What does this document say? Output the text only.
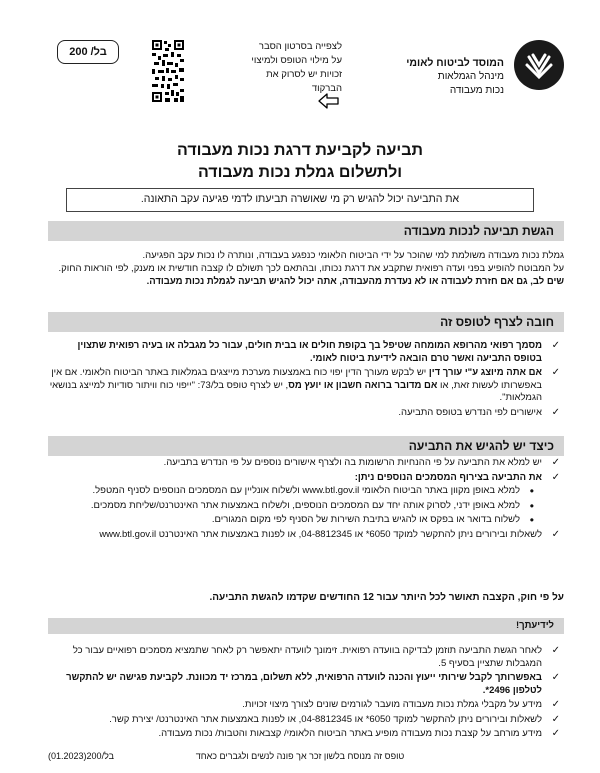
המוסד לביטוח לאומי
מינהל הגמלאות
נכות מעבודה
לצפייה בסרטון הסבר על מילוי הטופס ולמיצוי זכויות יש לסרוק את הברקוד
בל/ 200
תביעה לקביעת דרגת נכות מעבודה
ולתשלום גמלת נכות מעבודה
את התביעה יכול להגיש רק מי שאושרה תביעתו לדמי פגיעה עקב התאונה.
הגשת תביעה לנכות מעבודה
גמלת נכות מעבודה משולמת למי שהוכר על ידי הביטוח הלאומי כנפגע בעבודה, ונותרה לו נכות עקב הפגיעה.
על המבוטח להופיע בפני ועדה רפואית שתקבע את דרגת נכותו, ובהתאם לכך תשולם לו קצבה חודשית או מענק, לפי הוראות החוק.
שים לב, גם אם חזרת לעבודה או לא נעדרת מהעבודה, אתה יכול להגיש תביעה לגמלת נכות מעבודה.
חובה לצרף לטופס זה
✓
מסמך רפואי מהרופא המומחה שטיפל בך בקופת חולים או בבית חולים, עבור כל מגבלה או בעיה רפואית שתצוין בטופס התביעה ואשר טרם הובאה לידיעת ביטוח לאומי.
✓
אם אתה מיוצג ע"י עורך דין יש לבקש מעורך הדין יפוי כוח באמצעות מערכת מייצגים בגמלאות באתר הביטוח הלאומי. אם אין באפשרותו לעשות זאת, או אם מדובר ברואה חשבון או יועץ מס, יש לצרף טופס בל/73: "ייפוי כוח וויתור סודיות למייצג בנושאי הגמלאות".
✓
אישורים לפי הנדרש בטופס התביעה.
כיצד יש להגיש את התביעה
✓
יש למלא את התביעה על פי ההנחיות הרשומות בה ולצרף אישורים נוספים על פי הנדרש בתביעה.
✓
את התביעה בצירוף המסמכים הנוספים ניתן:
• למלא באופן מקוון באתר הביטוח הלאומי www.btl.gov.il ולשלוח אונליין עם המסמכים הנוספים לסניף המטפל.
• למלא באופן ידני, לסרוק אותה יחד עם המסמכים הנוספים, ולשלוח באמצעות אתר האינטרנט/שליחת מסמכים.
• לשלוח בדואר או בפקס או להגיש בתיבת השירות של הסניף לפי מקום המגורים.
✓
לשאלות ובירורים ניתן להתקשר למוקד 6050* או 04-8812345, או לפנות באמצעות אתר האינטרנט www.btl.gov.il
על פי חוק, הקצבה תאושר לכל היותר עבור 12 החודשים שקדמו להגשת התביעה.
לידיעתך!
✓
לאחר הגשת התביעה תוזמן לבדיקה בוועדה רפואית. זימונך לוועדה יתאפשר רק לאחר שתמציא מסמכים רפואיים עבור כל המגבלות שתציין בסעיף 5.
✓
באפשרותך לקבל שירותי ייעוץ והכנה לוועדה הרפואית, ללא תשלום, במרכז יד מכוונת. לקביעת פגישה יש להתקשר לטלפון 2496*.
✓
מידע על מקבלי גמלת נכות מעבודה מועבר לגורמים שונים לצורך מיצוי זכויות.
✓
לשאלות ובירורים ניתן להתקשר למוקד 6050* או 04-8812345, או לפנות באמצעות אתר האינטרנט/ יצירת קשר.
✓
מידע מורחב על קצבת נכות מעבודה מופיע באתר הביטוח הלאומי/ קצבאות והטבות/ נכות מעבודה.
בל/200(01.2023)	טופס זה מנוסח בלשון זכר אך פונה לנשים ולגברים כאחד
